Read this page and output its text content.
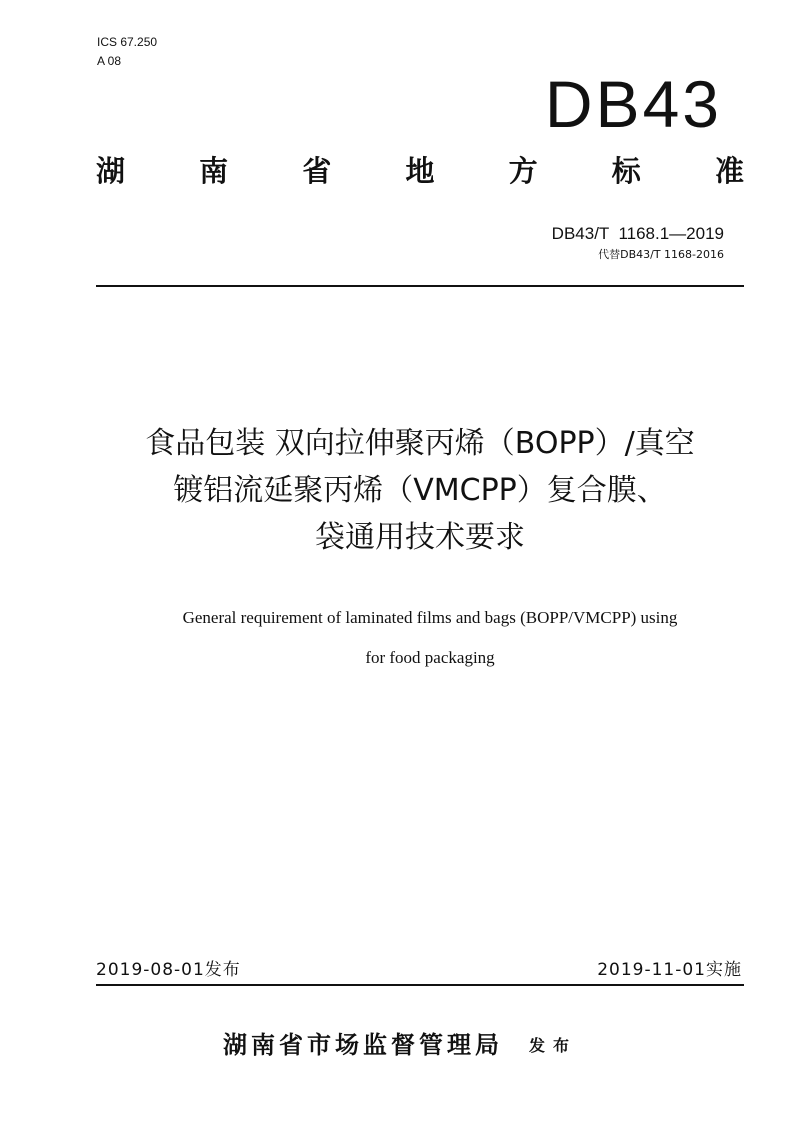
ICS 67.250
A 08
DB43
湖	南	省	地	方	标	准
DB43/T  1168.1—2019
代替DB43/T 1168-2016
食品包装 双向拉伸聚丙烯（BOPP）/真空
镀铝流延聚丙烯（VMCPP）复合膜、
袋通用技术要求
General requirement of laminated films and bags (BOPP/VMCPP) using
for food packaging
2019-08-01发布	2019-11-01实施
湖南省市场监督管理局 发布
